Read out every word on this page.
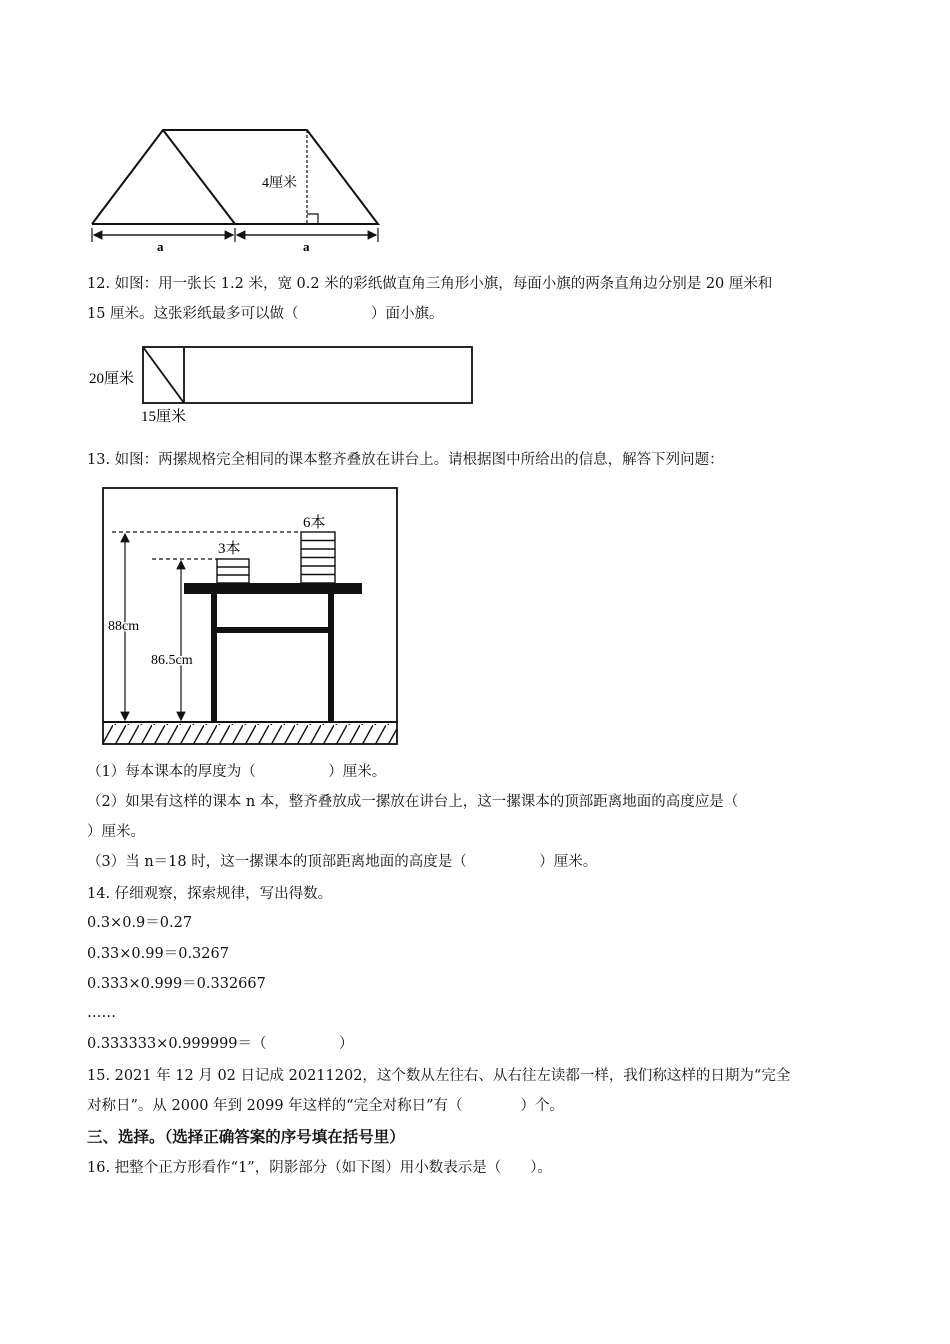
4厘米
a	a
12. 如图：用一张长 1.2 米，宽 0.2 米的彩纸做直角三角形小旗，每面小旗的两条直角边分别是 20 厘米和
15 厘米。这张彩纸最多可以做（　　　　　）面小旗。
20厘米
15厘米
13. 如图：两摞规格完全相同的课本整齐叠放在讲台上。请根据图中所给出的信息，解答下列问题：
6本
3本
88cm
86.5cm
（1）每本课本的厚度为（　　　　　）厘米。
（2）如果有这样的课本 n 本，整齐叠放成一摞放在讲台上，这一摞课本的顶部距离地面的高度应是（
）厘米。
（3）当 n＝18 时，这一摞课本的顶部距离地面的高度是（　　　　　）厘米。
14. 仔细观察，探索规律，写出得数。
0.3×0.9＝0.27
0.33×0.99＝0.3267
0.333×0.999＝0.332667
……
0.333333×0.999999＝（　　　　　）
15. 2021 年 12 月 02 日记成 20211202，这个数从左往右、从右往左读都一样，我们称这样的日期为“完全
对称日”。从 2000 年到 2099 年这样的“完全对称日”有（　　　　）个。
三、选择。（选择正确答案的序号填在括号里）
16. 把整个正方形看作“1”，阴影部分（如下图）用小数表示是（　　）。
